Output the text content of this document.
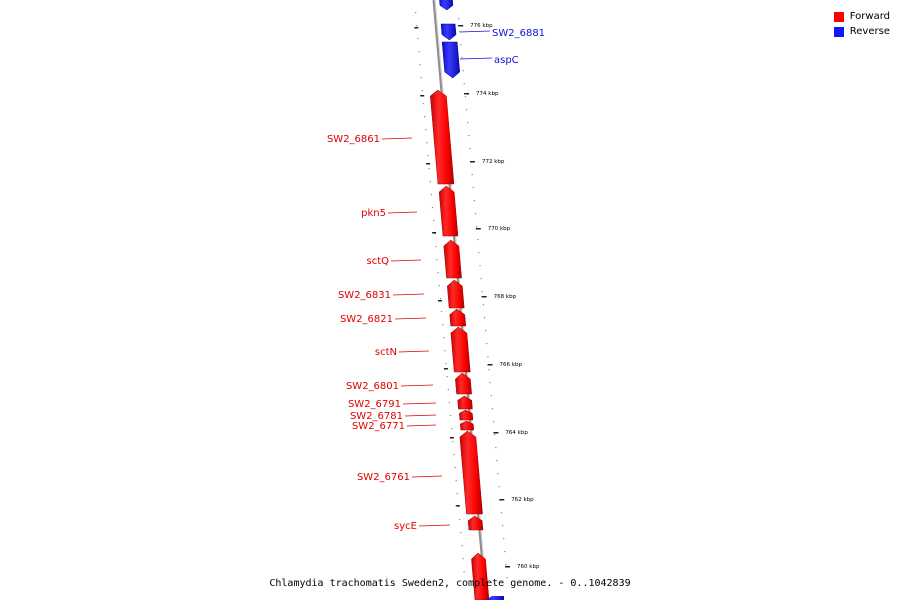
776 kbp
774 kbp
772 kbp
770 kbp
768 kbp
766 kbp
764 kbp
762 kbp
760 kbp
SW2_6881
aspC
SW2_6861
pkn5
sctQ
SW2_6831
SW2_6821
sctN
SW2_6801
SW2_6791
SW2_6781
SW2_6771
SW2_6761
sycE
Forward
Reverse
Chlamydia trachomatis Sweden2, complete genome. - 0..1042839
